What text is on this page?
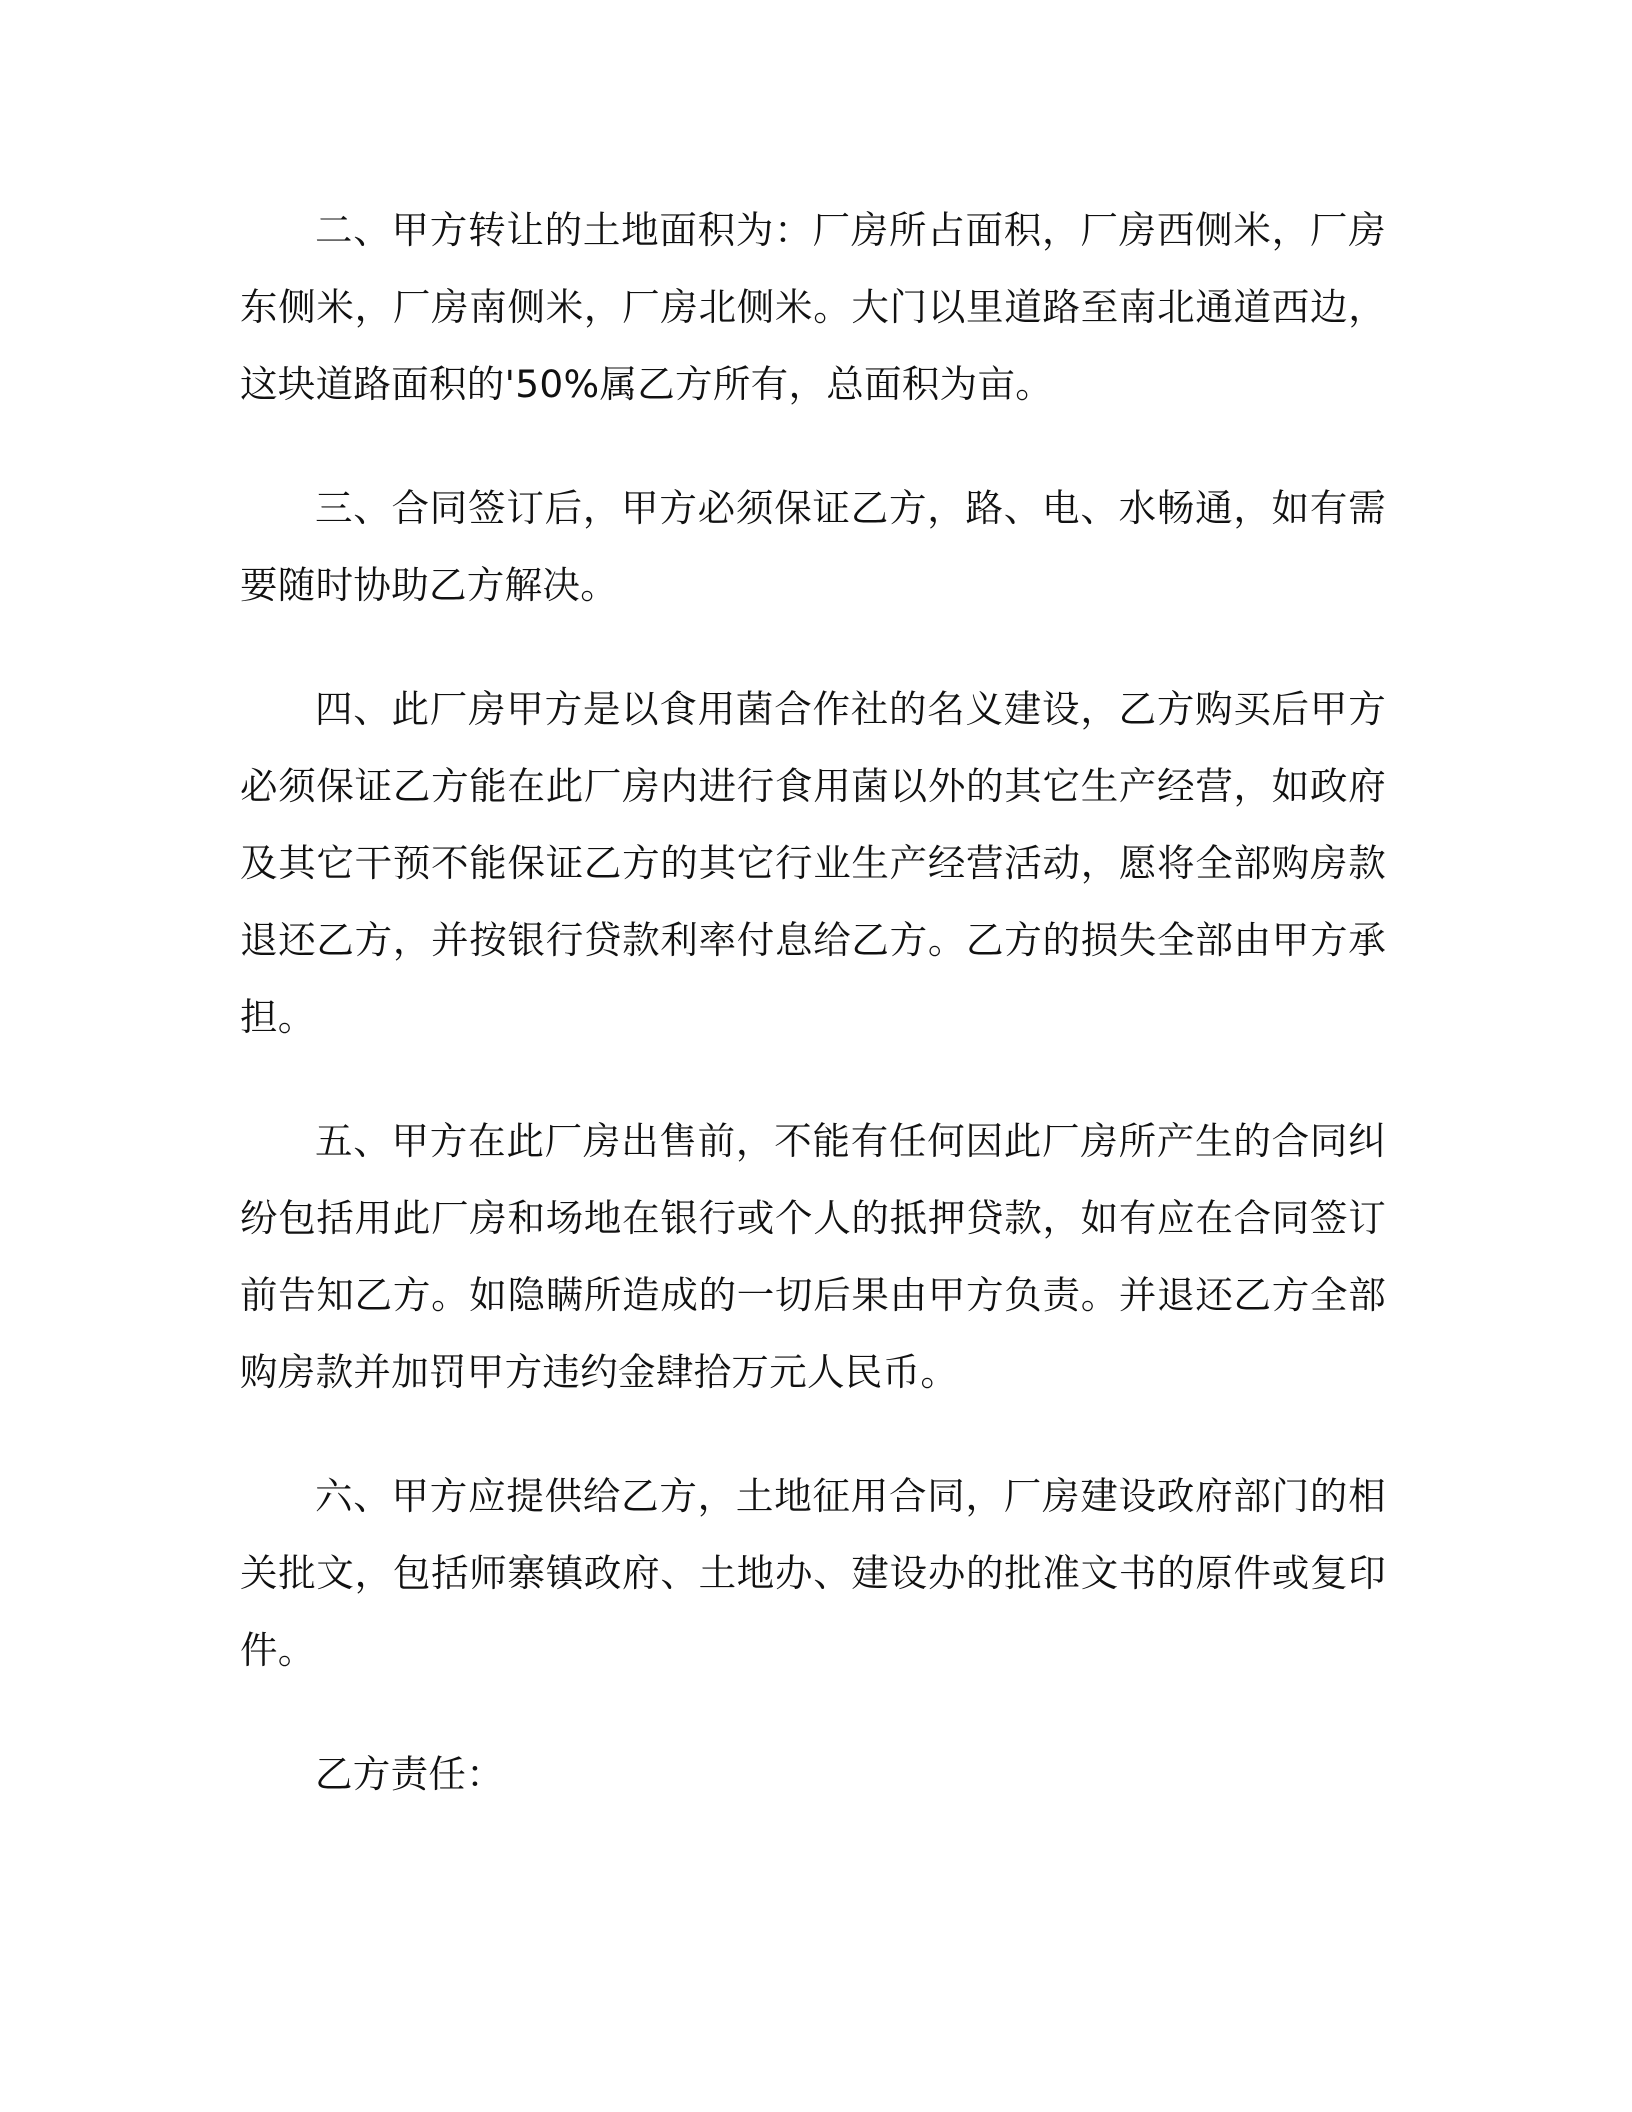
二、甲方转让的土地面积为：厂房所占面积，厂房西侧米，厂房东侧米，厂房南侧米，厂房北侧米。大门以里道路至南北通道西边，这块道路面积的'50%属乙方所有，总面积为亩。

三、合同签订后，甲方必须保证乙方，路、电、水畅通，如有需要随时协助乙方解决。

四、此厂房甲方是以食用菌合作社的名义建设，乙方购买后甲方必须保证乙方能在此厂房内进行食用菌以外的其它生产经营，如政府及其它干预不能保证乙方的其它行业生产经营活动，愿将全部购房款退还乙方，并按银行贷款利率付息给乙方。乙方的损失全部由甲方承担。

五、甲方在此厂房出售前，不能有任何因此厂房所产生的合同纠纷包括用此厂房和场地在银行或个人的抵押贷款，如有应在合同签订前告知乙方。如隐瞒所造成的一切后果由甲方负责。并退还乙方全部购房款并加罚甲方违约金肆拾万元人民币。

六、甲方应提供给乙方，土地征用合同，厂房建设政府部门的相关批文，包括师寨镇政府、土地办、建设办的批准文书的原件或复印件。

乙方责任：
